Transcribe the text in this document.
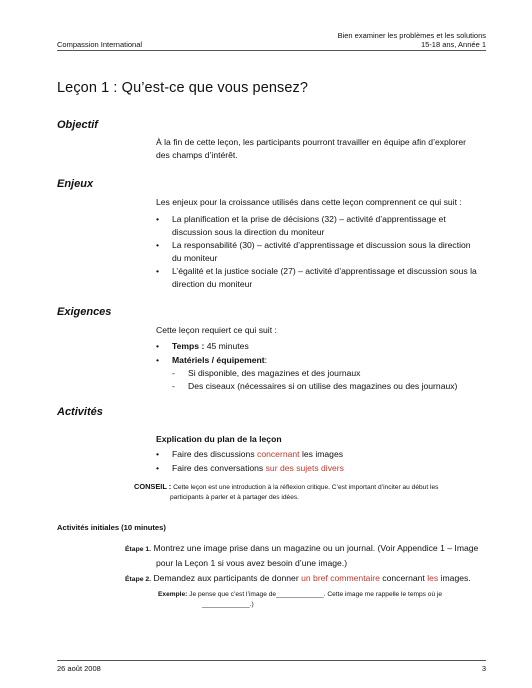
Bien examiner les problèmes et les solutions
Compassion International	15-18 ans, Année 1
Leçon 1 : Qu’est-ce que vous pensez?
Objectif
À la fin de cette leçon, les participants pourront travailler en équipe afin d’explorer
des champs d’intérêt.
Enjeux
Les enjeux pour la croissance utilisés dans cette leçon comprennent ce qui suit :
• La planification et la prise de décisions (32) – activité d’apprentissage et
discussion sous la direction du moniteur
• La responsabilité (30) – activité d’apprentissage et discussion sous la direction
du moniteur
• L’égalité et la justice sociale (27) – activité d’apprentissage et discussion sous la
direction du moniteur
Exigences
Cette leçon requiert ce qui suit :
• Temps : 45 minutes
• Matériels / équipement:
- Si disponible, des magazines et des journaux
- Des ciseaux (nécessaires si on utilise des magazines ou des journaux)
Activités
Explication du plan de la leçon
• Faire des discussions concernant les images
• Faire des conversations sur des sujets divers
CONSEIL : Cette leçon est une introduction à la réflexion critique. C’est important d’inciter au début les
participants à parler et à partager des idées.
Activités initiales (10 minutes)
Étape 1. Montrez une image prise dans un magazine ou un journal. (Voir Appendice 1 – Image
pour la Leçon 1 si vous avez besoin d’une image.)
Étape 2. Demandez aux participants de donner un bref commentaire concernant les images.
Exemple: Je pense que c’est l’image de_____________. Cette image me rappelle le temps où je
_____________.)
26 août 2008	3
